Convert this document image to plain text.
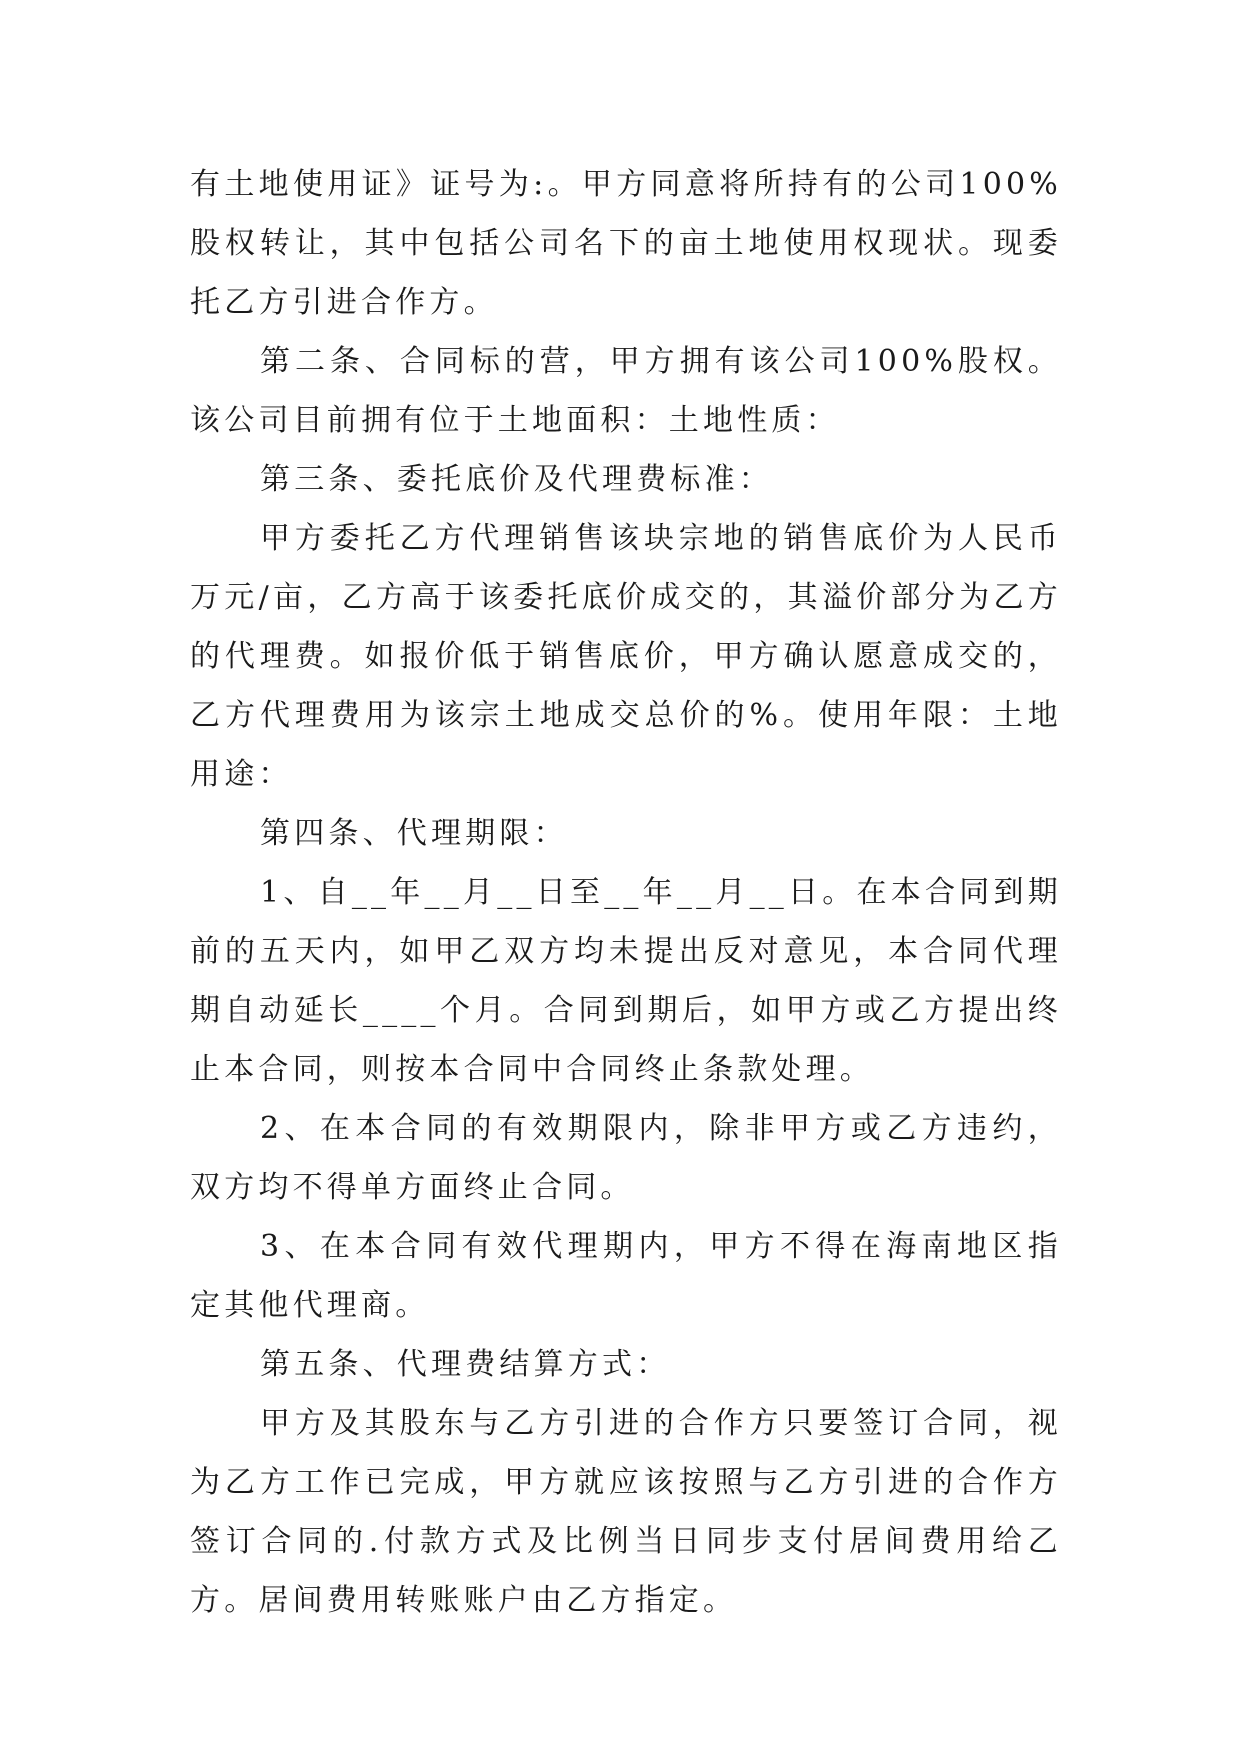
有土地使用证》证号为:。甲方同意将所持有的公司100%股权转让，其中包括公司名下的亩土地使用权现状。现委托乙方引进合作方。

第二条、合同标的营，甲方拥有该公司100%股权。该公司目前拥有位于土地面积：土地性质：

第三条、委托底价及代理费标准：

甲方委托乙方代理销售该块宗地的销售底价为人民币万元/亩，乙方高于该委托底价成交的，其溢价部分为乙方的代理费。如报价低于销售底价，甲方确认愿意成交的，乙方代理费用为该宗土地成交总价的%。使用年限：土地用途：

第四条、代理期限：

1、自__年__月__日至__年__月__日。在本合同到期前的五天内，如甲乙双方均未提出反对意见，本合同代理期自动延长____个月。合同到期后，如甲方或乙方提出终止本合同，则按本合同中合同终止条款处理。

2、在本合同的有效期限内，除非甲方或乙方违约，双方均不得单方面终止合同。

3、在本合同有效代理期内，甲方不得在海南地区指定其他代理商。

第五条、代理费结算方式：

甲方及其股东与乙方引进的合作方只要签订合同，视为乙方工作已完成，甲方就应该按照与乙方引进的合作方签订合同的.付款方式及比例当日同步支付居间费用给乙方。居间费用转账账户由乙方指定。
